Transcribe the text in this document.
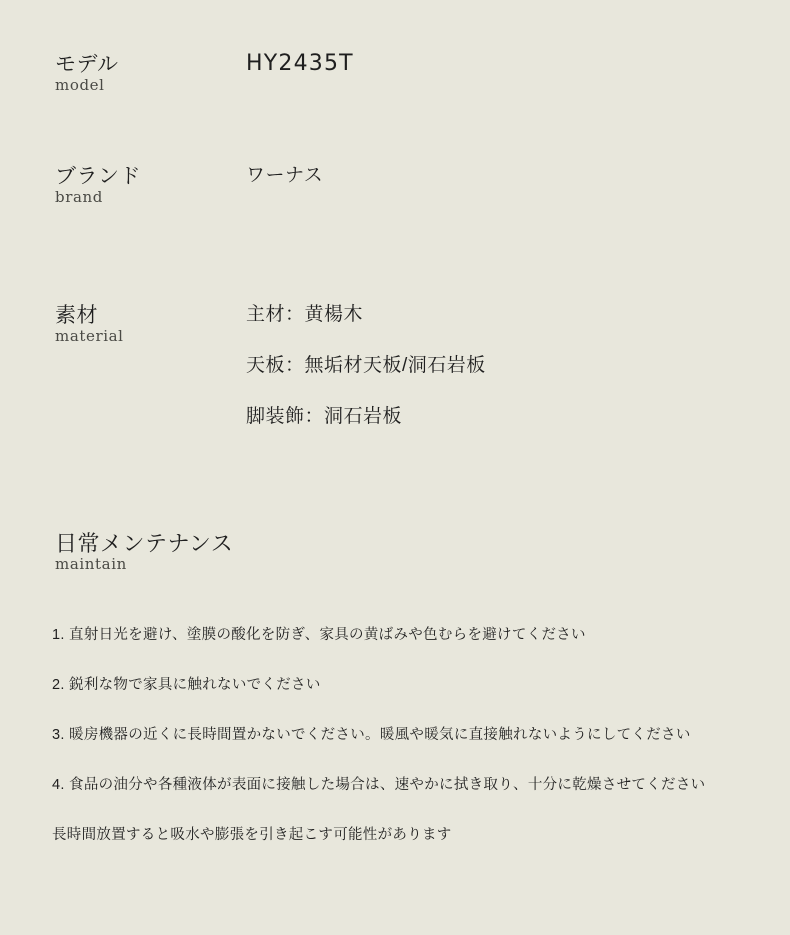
モデル
model
HY2435T
ブランド
brand
ワーナス
素材
material
主材：黄楊木
天板：無垢材天板/洞石岩板
脚装飾：洞石岩板
日常メンテナンス
maintain
1. 直射日光を避け、塗膜の酸化を防ぎ、家具の黄ばみや色むらを避けてください
2. 鋭利な物で家具に触れないでください
3. 暖房機器の近くに長時間置かないでください。暖風や暖気に直接触れないようにしてください
4. 食品の油分や各種液体が表面に接触した場合は、速やかに拭き取り、十分に乾燥させてください
長時間放置すると吸水や膨張を引き起こす可能性があります
